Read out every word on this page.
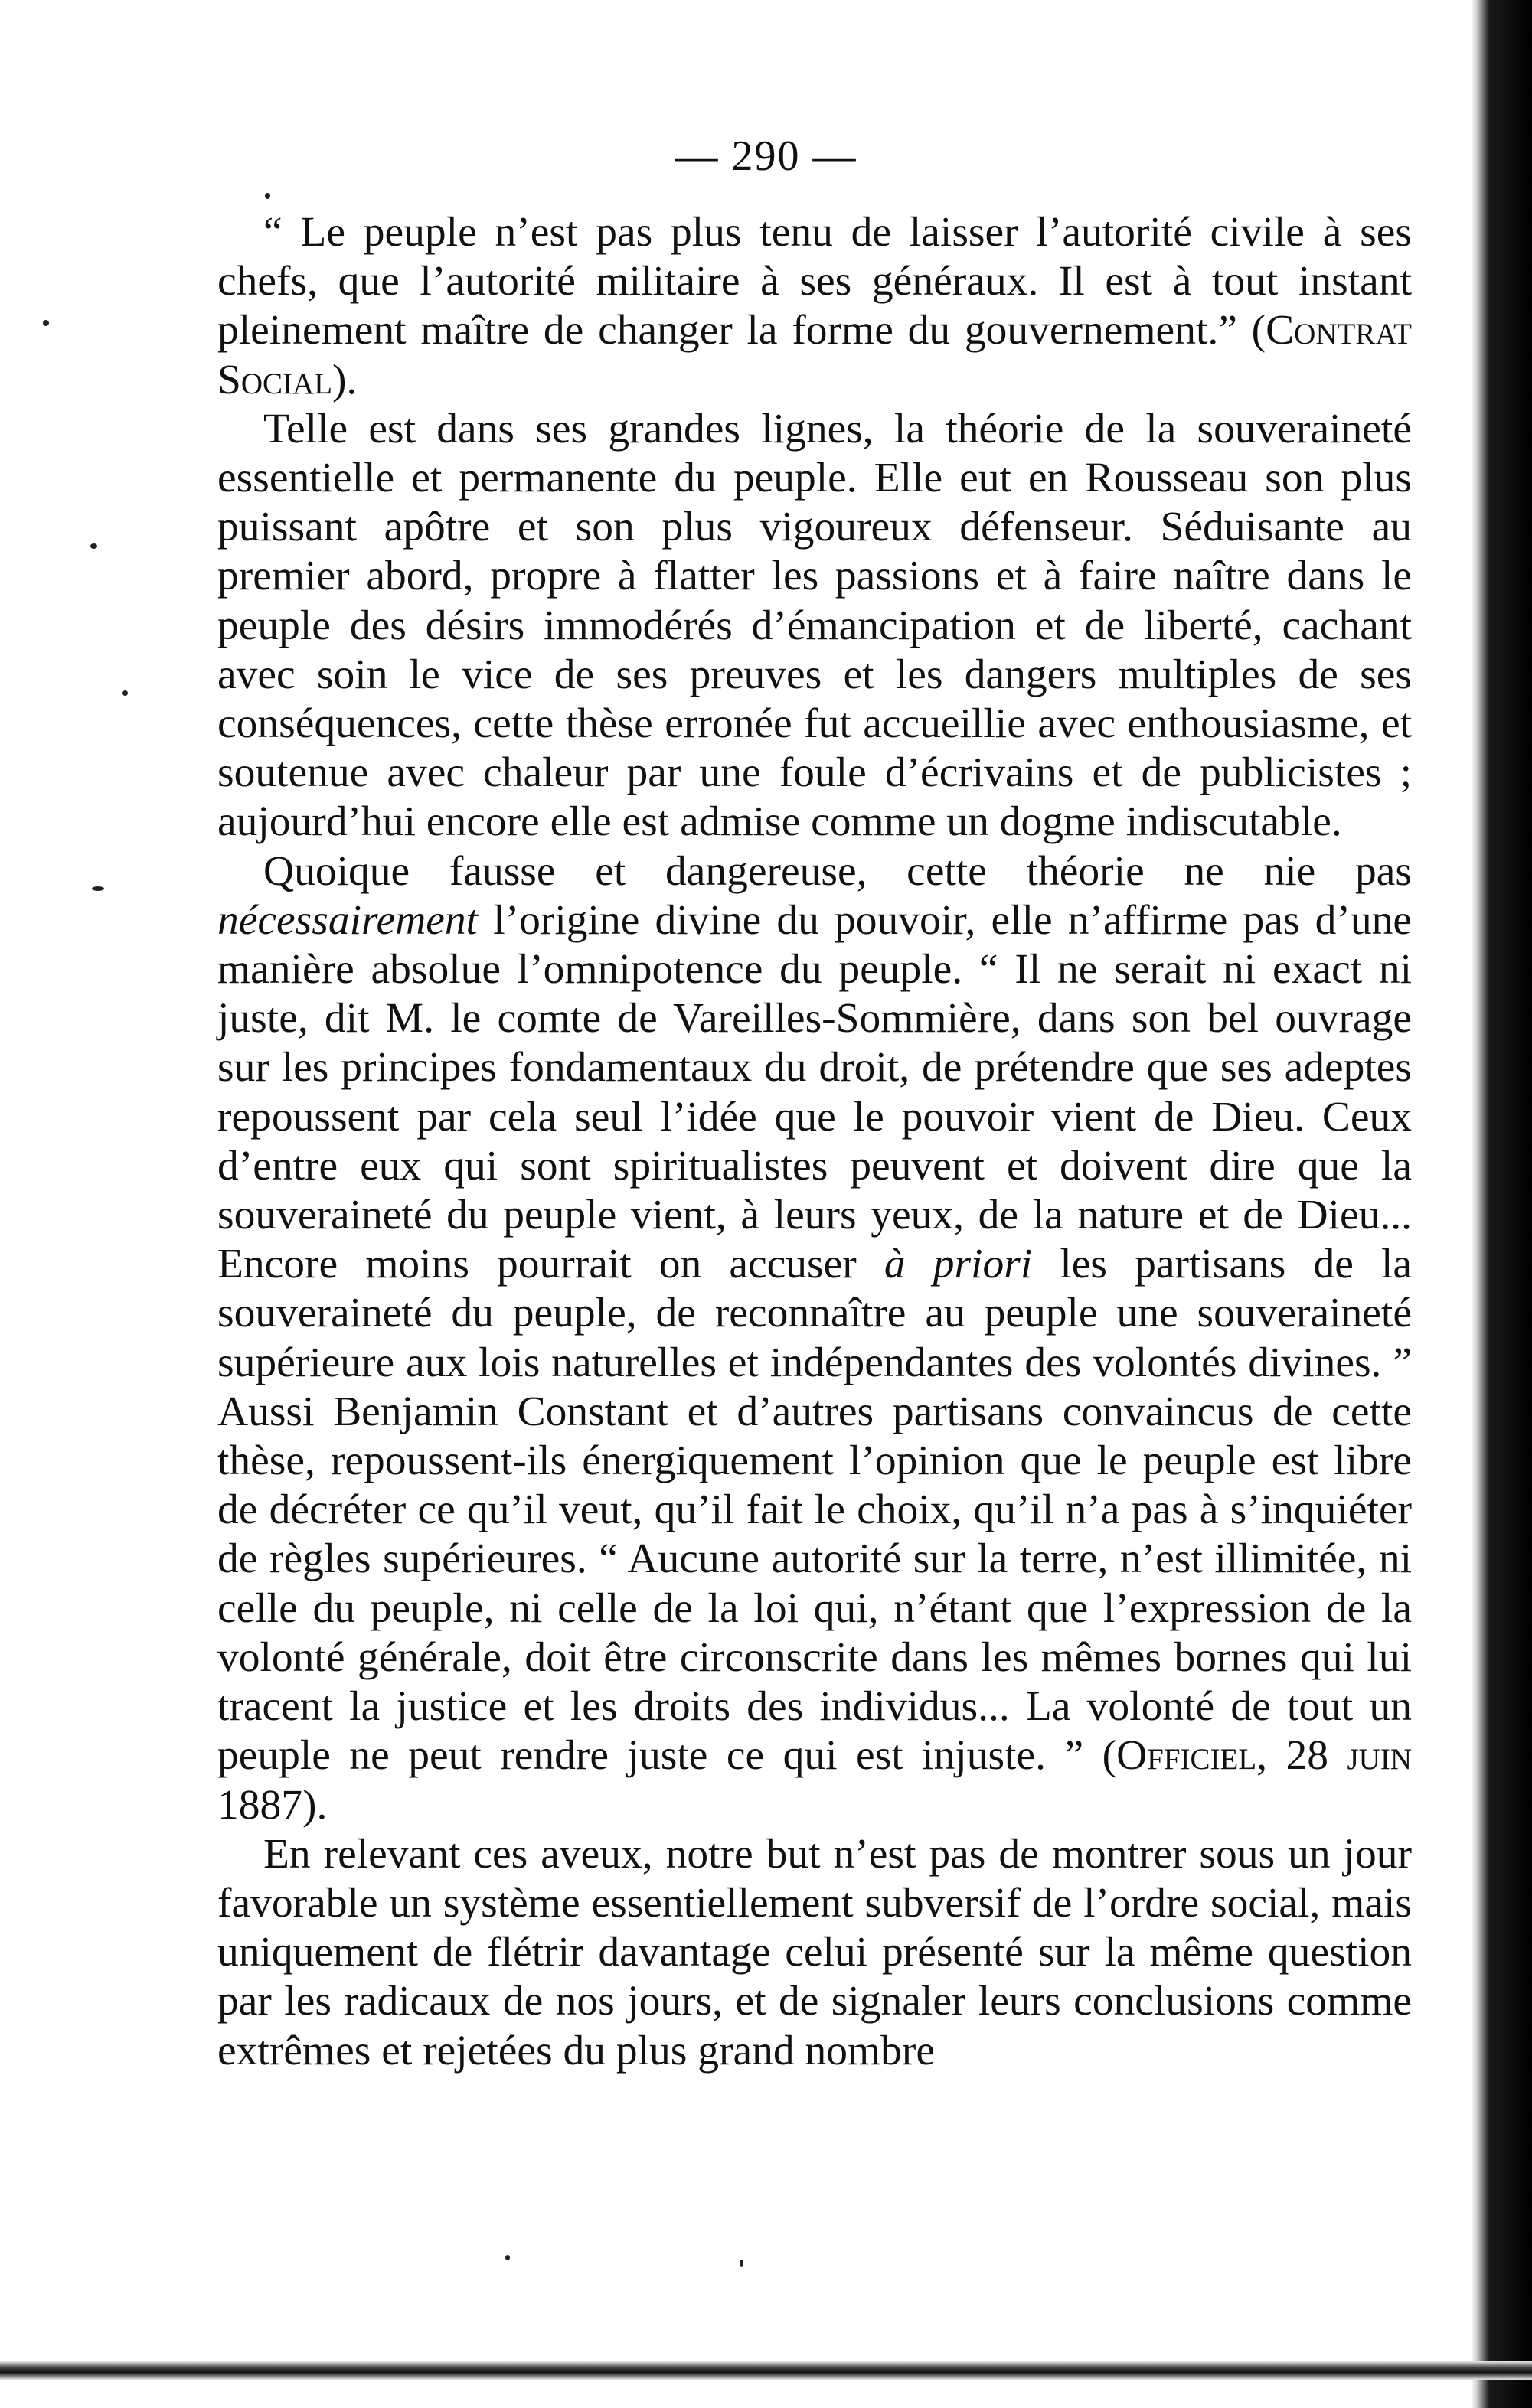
— 290 —

“ Le peuple n’est pas plus tenu de laisser l’autorité civile à ses chefs, que l’autorité militaire à ses généraux. Il est à tout instant pleinement maître de changer la forme du gouvernement.” (Contrat Social).

Telle est dans ses grandes lignes, la théorie de la souveraineté essentielle et permanente du peuple. Elle eut en Rousseau son plus puissant apôtre et son plus vigoureux défenseur. Séduisante au premier abord, propre à flatter les passions et à faire naître dans le peuple des désirs immodérés d’émancipation et de liberté, cachant avec soin le vice de ses preuves et les dangers multiples de ses conséquences, cette thèse erronée fut accueillie avec enthousiasme, et soutenue avec chaleur par une foule d’écrivains et de publicistes ; aujourd’hui encore elle est admise comme un dogme indiscutable.

Quoique fausse et dangereuse, cette théorie ne nie pas nécessairement l’origine divine du pouvoir, elle n’affirme pas d’une manière absolue l’omnipotence du peuple. “ Il ne serait ni exact ni juste, dit M. le comte de Vareilles-Sommière, dans son bel ouvrage sur les principes fondamentaux du droit, de prétendre que ses adeptes repoussent par cela seul l’idée que le pouvoir vient de Dieu. Ceux d’entre eux qui sont spiritualistes peuvent et doivent dire que la souveraineté du peuple vient, à leurs yeux, de la nature et de Dieu... Encore moins pourrait on accuser à priori les partisans de la souveraineté du peuple, de reconnaître au peuple une souveraineté supérieure aux lois naturelles et indépendantes des volontés divines. ” Aussi Benjamin Constant et d’autres partisans convaincus de cette thèse, repoussent-ils énergiquement l’opinion que le peuple est libre de décréter ce qu’il veut, qu’il fait le choix, qu’il n’a pas à s’inquiéter de règles supérieures. “ Aucune autorité sur la terre, n’est illimitée, ni celle du peuple, ni celle de la loi qui, n’étant que l’expression de la volonté générale, doit être circonscrite dans les mêmes bornes qui lui tracent la justice et les droits des individus... La volonté de tout un peuple ne peut rendre juste ce qui est injuste. ” (Officiel, 28 juin 1887).

En relevant ces aveux, notre but n’est pas de montrer sous un jour favorable un système essentiellement subversif de l’ordre social, mais uniquement de flétrir davantage celui présenté sur la même question par les radicaux de nos jours, et de signaler leurs conclusions comme extrêmes et rejetées du plus grand nombre
